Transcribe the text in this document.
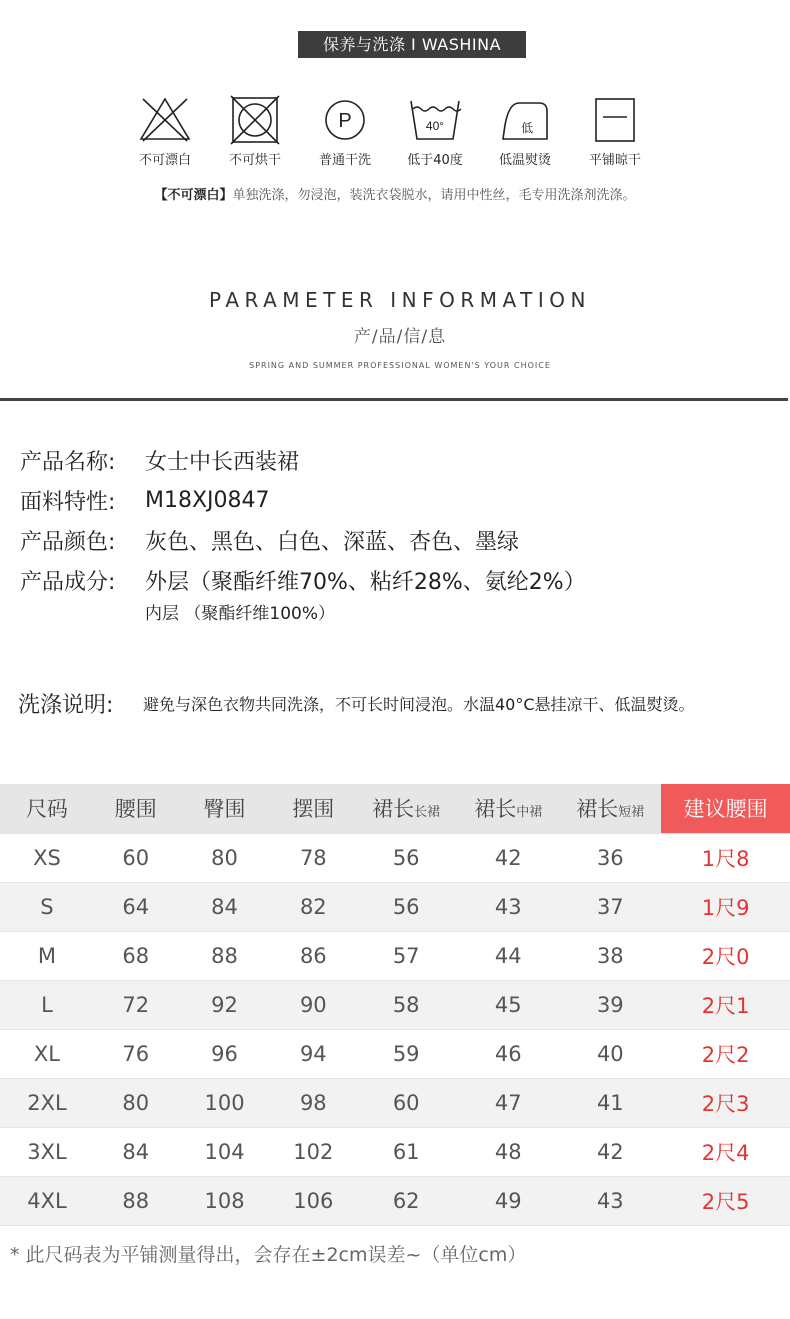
保养与洗涤 I WASHINA
不可漂白	不可烘干
P
普通干洗
40°
低于40度
低
低温熨烫	平铺晾干
【不可漂白】单独洗涤，勿浸泡，装洗衣袋脱水，请用中性丝，毛专用洗涤剂洗涤。
PARAMETER INFORMATION
产/品/信/息
SPRING AND SUMMER PROFESSIONAL WOMEN'S YOUR CHOICE
产品名称:	女士中长西装裙
面料特性:	M18XJ0847
产品颜色:	灰色、黑色、白色、深蓝、杏色、墨绿
产品成分:	外层（聚酯纤维70%、粘纤28%、氨纶2%）
内层 （聚酯纤维100%）
洗涤说明:	避免与深色衣物共同洗涤，不可长时间浸泡。水温40°C悬挂凉干、低温熨烫。
尺码	腰围	臀围	摆围	裙长长裙	裙长中裙	裙长短裙	建议腰围
XS	60	80	78	56	42	36	1尺8
S	64	84	82	56	43	37	1尺9
M	68	88	86	57	44	38	2尺0
L	72	92	90	58	45	39	2尺1
XL	76	96	94	59	46	40	2尺2
2XL	80	100	98	60	47	41	2尺3
3XL	84	104	102	61	48	42	2尺4
4XL	88	108	106	62	49	43	2尺5
* 此尺码表为平铺测量得出，会存在±2cm误差~（单位cm）
